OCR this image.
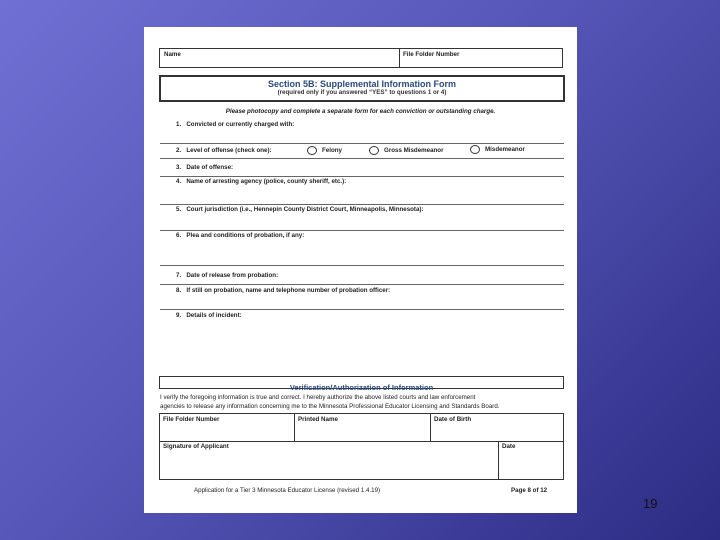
Name	File Folder Number
Section 5B: Supplemental Information Form
(required only if you answered “YES” to questions 1 or 4)
Please photocopy and complete a separate form for each conviction or outstanding charge.
1. Convicted or currently charged with:
2. Level of offense (check one):	Felony	Gross Misdemeanor	Misdemeanor
3. Date of offense:
4. Name of arresting agency (police, county sheriff, etc.):
5. Court jurisdiction (i.e., Hennepin County District Court, Minneapolis, Minnesota):
6. Plea and conditions of probation, if any:
7. Date of release from probation:
8. If still on probation, name and telephone number of probation officer:
9. Details of incident:
Verification/Authorization of Information
I verify the foregoing information is true and correct. I hereby authorize the above listed courts and law enforcement
agencies to release any information concerning me to the Minnesota Professional Educator Licensing and Standards Board.
File Folder Number	Printed Name	Date of Birth
Signature of Applicant	Date
Application for a Tier 3 Minnesota Educator License (revised 1.4.19)	Page 8 of 12
19
